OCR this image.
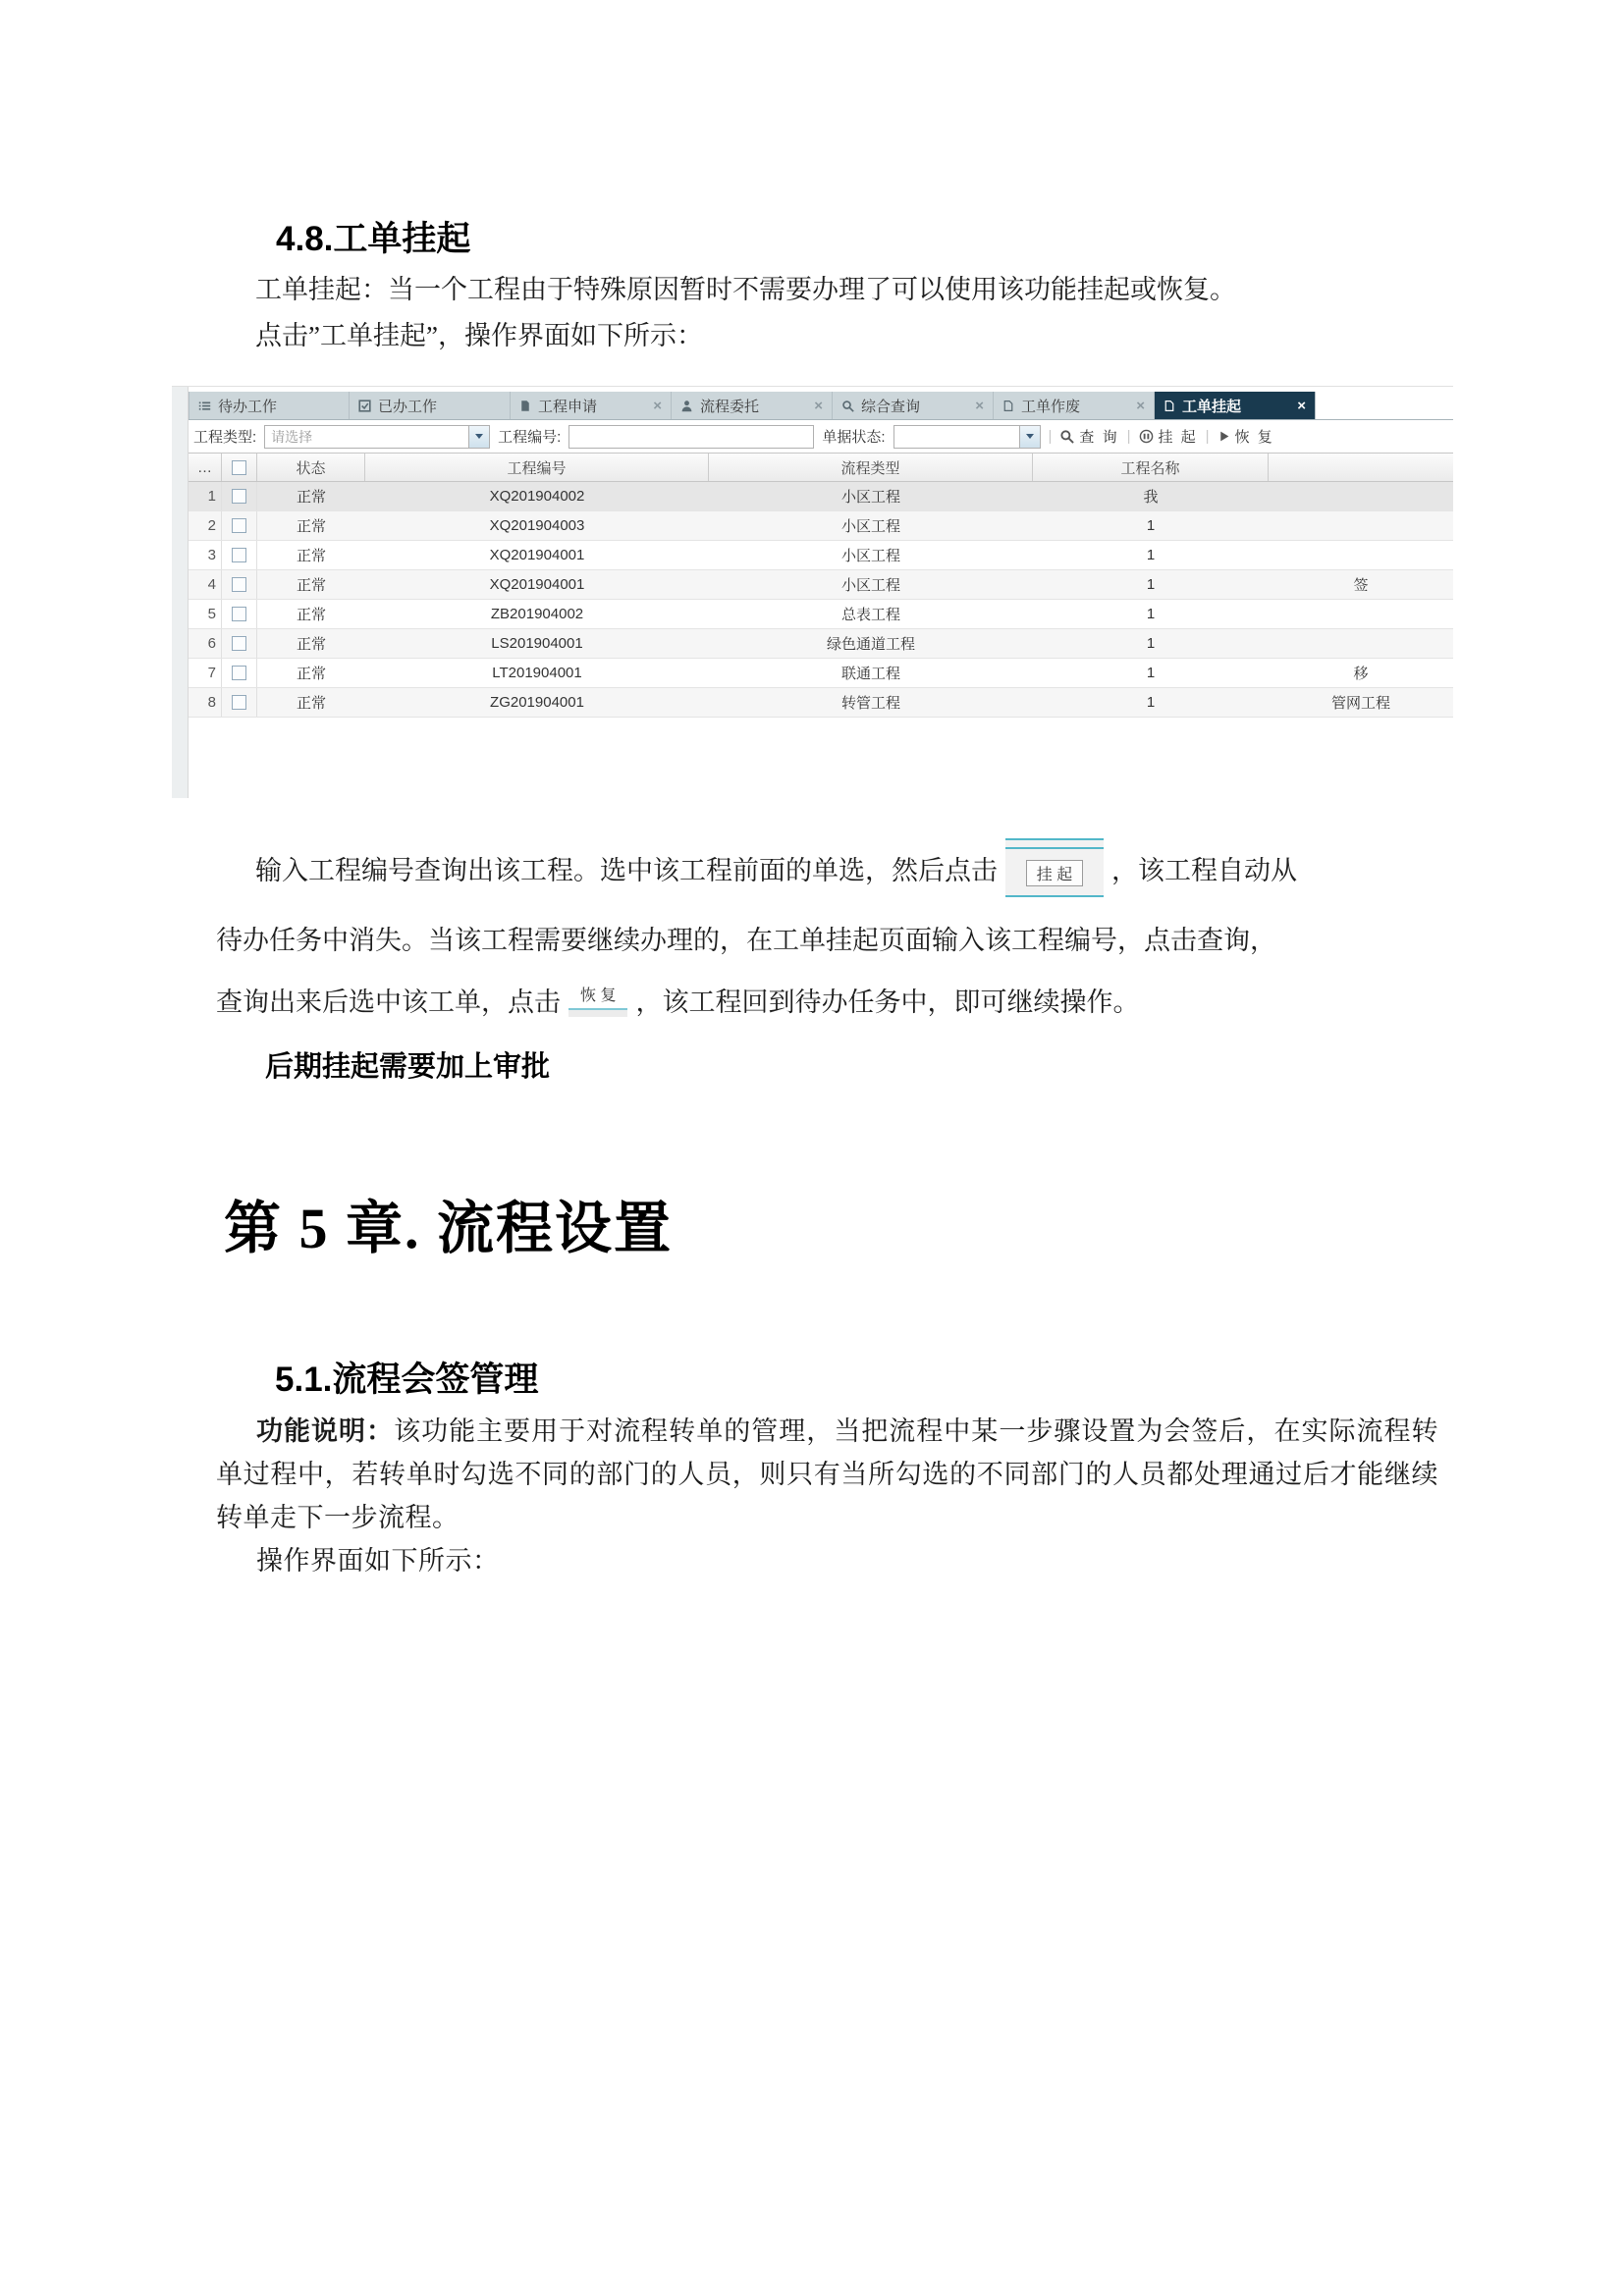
4.8.工单挂起
工单挂起：当一个工程由于特殊原因暂时不需要办理了可以使用该功能挂起或恢复。
点击”工单挂起”，操作界面如下所示：
待办工作	已办工作	工程申请	×	流程委托	×	综合查询	×	工单作废	×	工单挂起	×
工程类型:	请选择	工程编号:	单据状态:	| 查 询 | 挂 起 | 恢 复
…	状态	工程编号	流程类型	工程名称
1	正常	XQ201904002	小区工程	我
2	正常	XQ201904003	小区工程	1
3	正常	XQ201904001	小区工程	1
4	正常	XQ201904001	小区工程	1	签
5	正常	ZB201904002	总表工程	1
6	正常	LS201904001	绿色通道工程	1
7	正常	LT201904001	联通工程	1	移
8	正常	ZG201904001	转管工程	1	管网工程
输入工程编号查询出该工程。选中该工程前面的单选，然后点击	挂 起	，该工程自动从
待办任务中消失。当该工程需要继续办理的，在工单挂起页面输入该工程编号，点击查询，
查询出来后选中该工单，点击	恢 复 ，该工程回到待办任务中，即可继续操作。
后期挂起需要加上审批
第 5 章. 流程设置
5.1.流程会签管理

功能说明：该功能主要用于对流程转单的管理，当把流程中某一步骤设置为会签后，在实际流程转单过程中，若转单时勾选不同的部门的人员，则只有当所勾选的不同部门的人员都处理通过后才能继续转单走下一步流程。

操作界面如下所示：
